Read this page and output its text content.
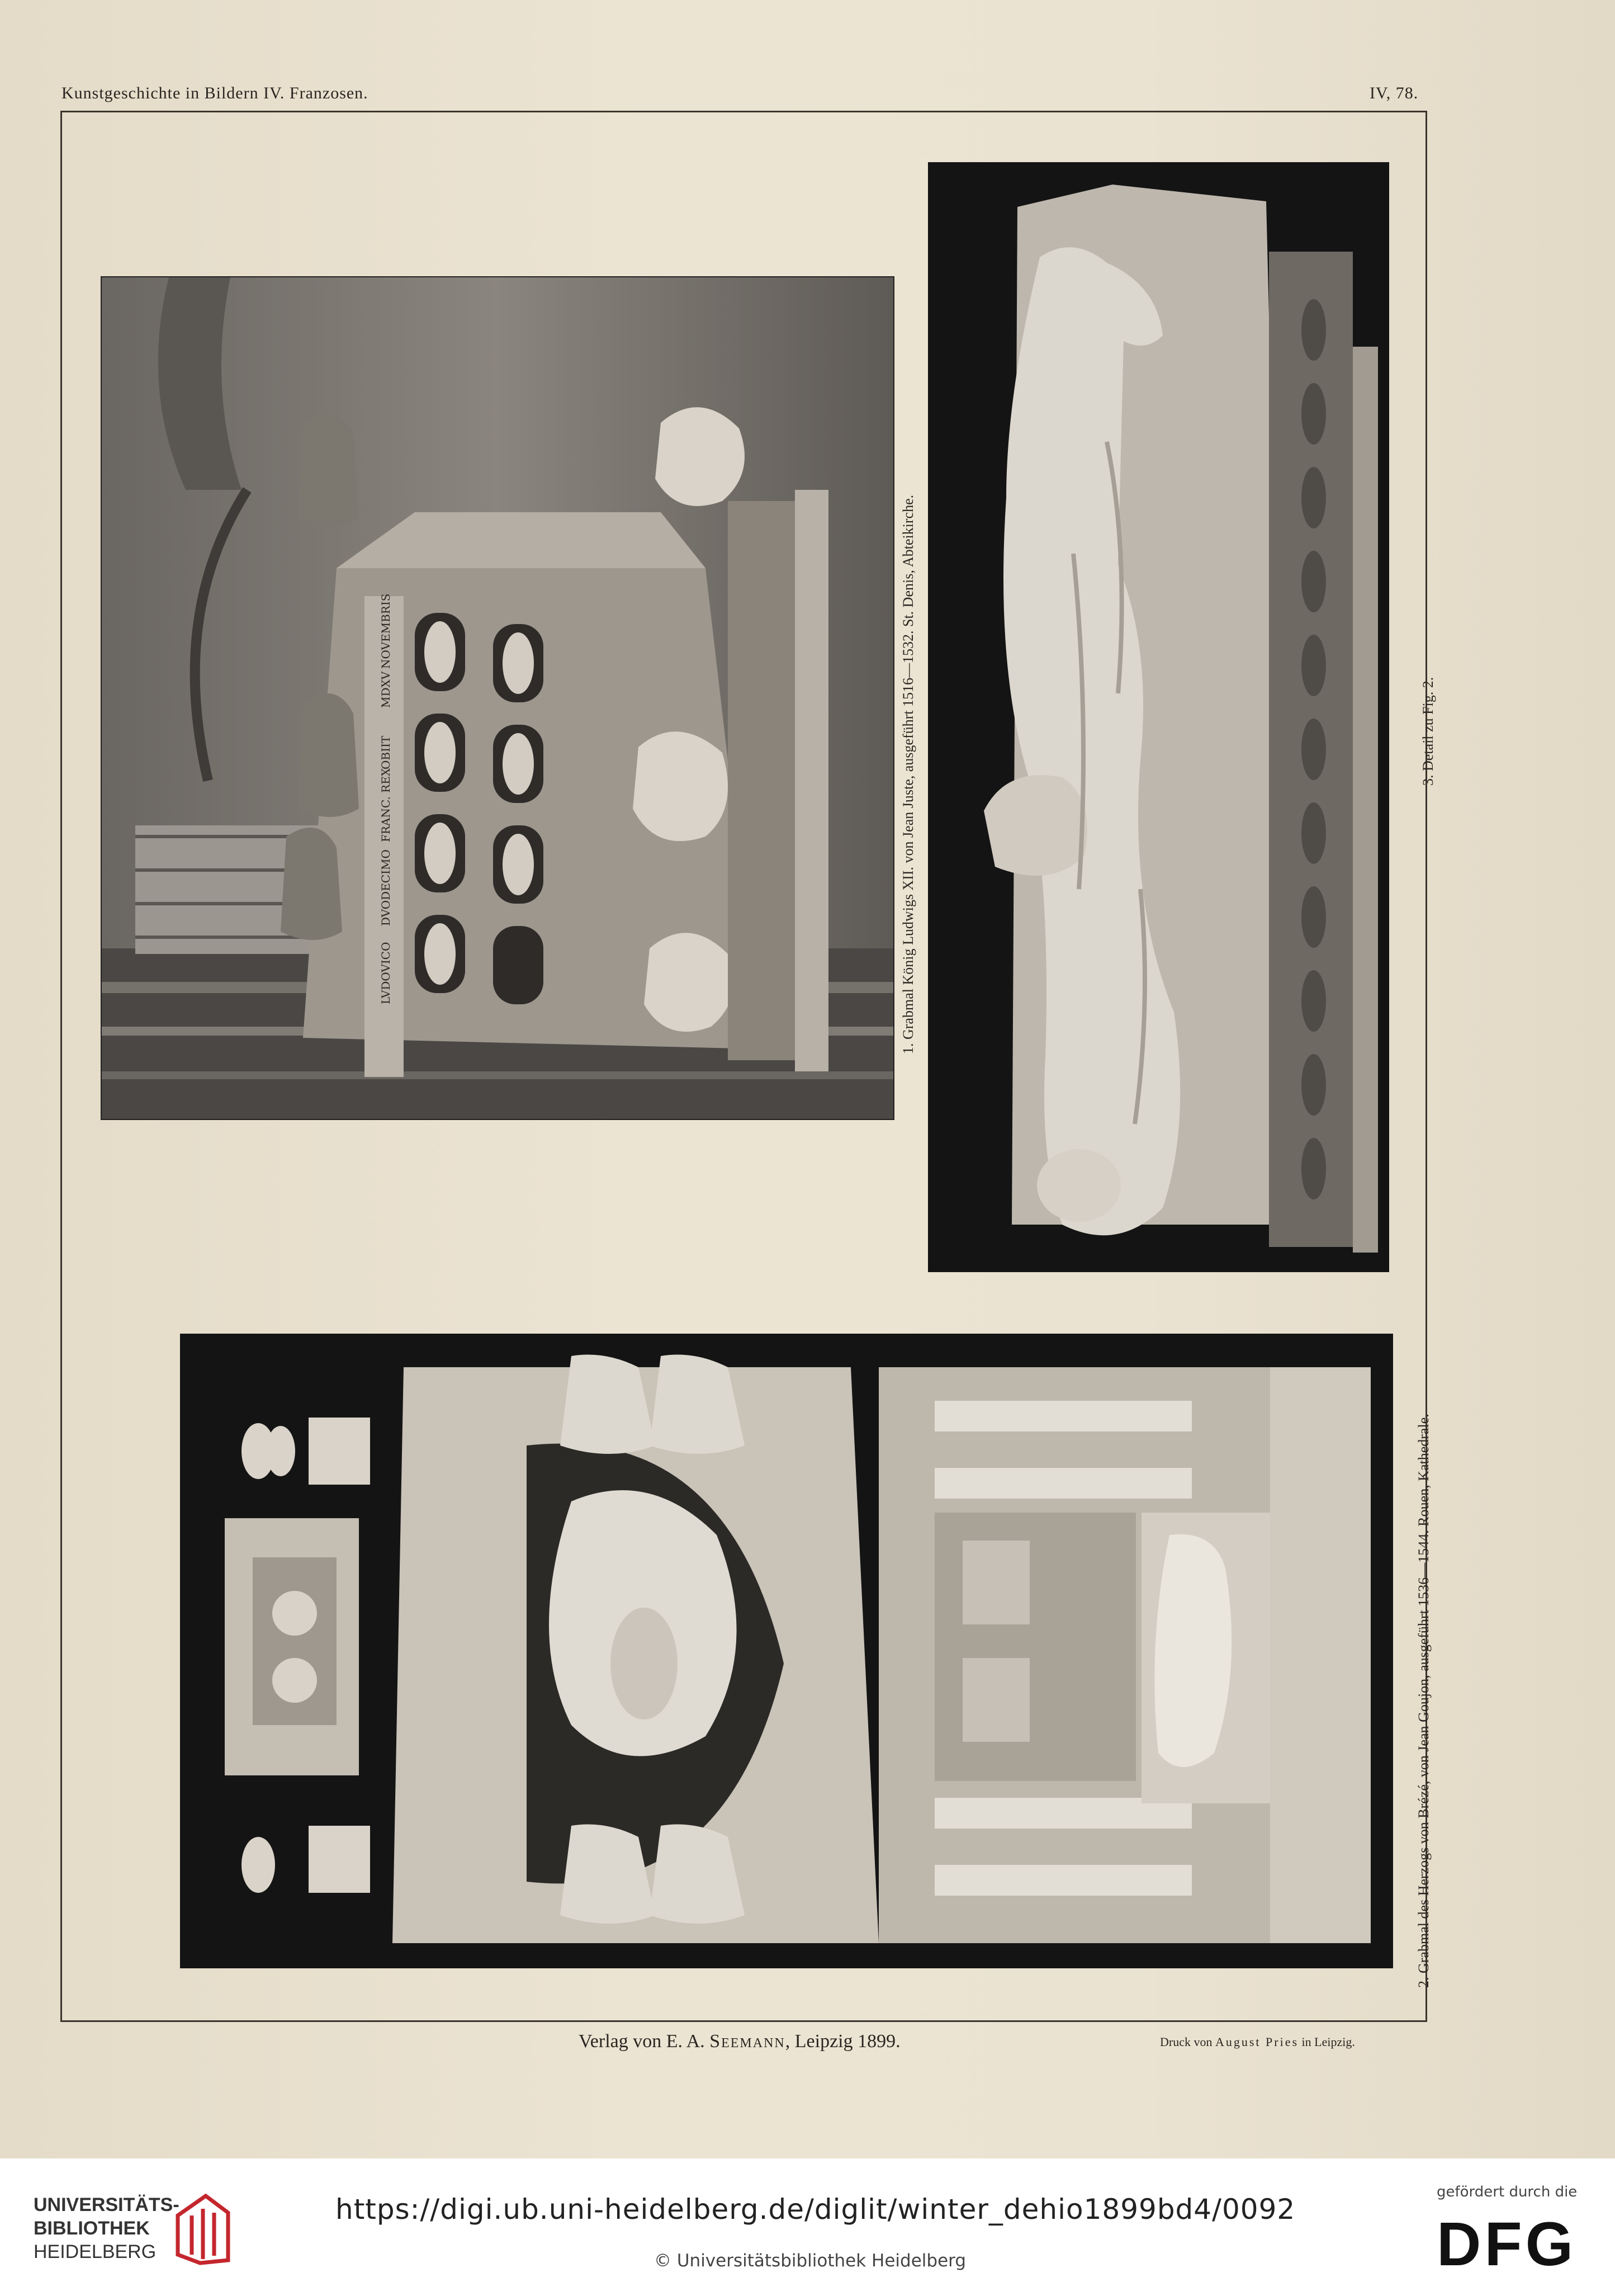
Kunstgeschichte in Bildern IV. Franzosen.	IV, 78.
LVDOVICO
DVODECIMO
FRANC. REX
OBIIT
MDXV
NOVEMBRIS	1. Grabmal König Ludwigs XII. von Jean Juste, ausgeführt 1516—1532. St. Denis, Abteikirche.	3. Detail zu Fig. 2.
2. Grabmal des Herzogs von Brézé, von Jean Goujon, ausgeführt 1536—1544. Rouen, Kathedrale.
Verlag von E. A. Seemann, Leipzig 1899.	Druck von August Pries in Leipzig.
UNIVERSITÄTS-
BIBLIOTHEK
HEIDELBERG
https://digi.ub.uni-heidelberg.de/diglit/winter_dehio1899bd4/0092
© Universitätsbibliothek Heidelberg
gefördert durch die
DFG
